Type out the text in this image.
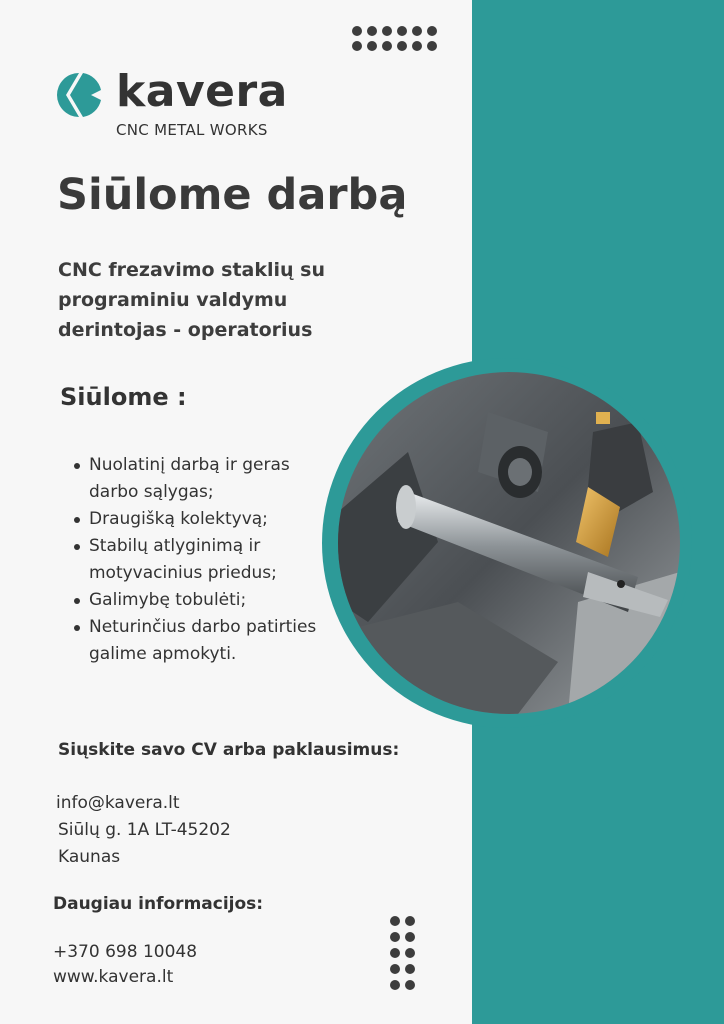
kavera
CNC METAL WORKS
Siūlome darbą

CNC frezavimo staklių su programiniu valdymu derintojas - operatorius

Siūlome :
Nuolatinį darbą ir geras darbo sąlygas;
Draugišką kolektyvą;
Stabilų atlyginimą ir motyvacinius priedus;
Galimybę tobulėti;
Neturinčius darbo patirties galime apmokyti.
Siųskite savo CV arba paklausimus:
info@kavera.lt
Siūlų g. 1A LT-45202
Kaunas
Daugiau informacijos:
+370 698 10048
www.kavera.lt
